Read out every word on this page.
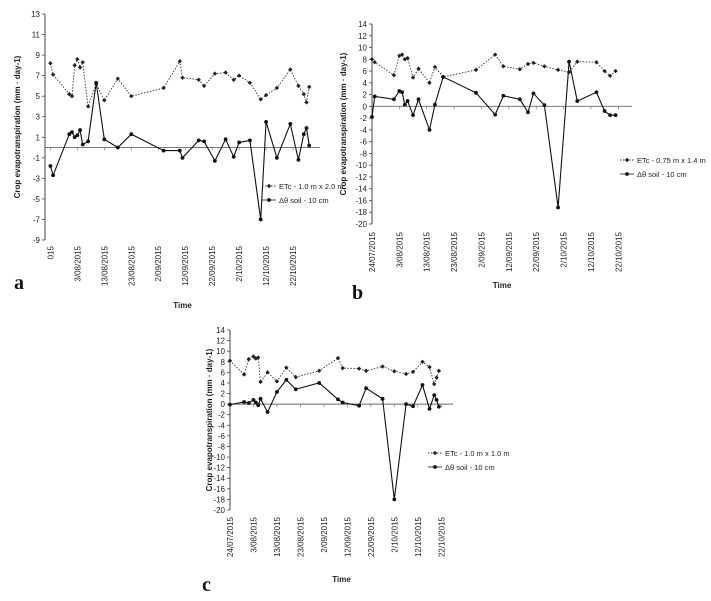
-9
-7
-5
-3
-1
1
3
5
7
9
11
13
015 3/08/2015 13/08/2015 23/08/2015 2/09/2015 12/09/2015 22/09/2015 2/10/2015 12/10/2015 22/10/2015
Crop evapotranspiration (mm · day-1)
Time
ETc - 1.0 m x 2.0 m
Δθ soil - 10 cm
-20
-18
-16
-14
-12
-10
-8
-6
-4
-2
0
2
4
6
8
10
12
14
24/07/2015 3/08/2015 13/08/2015 23/08/2015 2/09/2015 12/09/2015 22/09/2015 2/10/2015 12/10/2015 22/10/2015
Crop evapotranspiration (mm · day-1)
Time
ETc - 0.75 m x 1.4 m
Δθ soil - 10 cm
-20
-18
-16
-14
-12
-10
-8
-6
-4
-2
0
2
4
6
8
10
12
14
24/07/2015 3/08/2015 13/08/2015 23/08/2015 2/09/2015 12/09/2015 22/09/2015 2/10/2015 12/10/2015 22/10/2015
Crop evapotranspiration (mm · day-1)
Time
ETc - 1.0 m x 1.0 m
Δθ soil - 10 cm
a	b
c
